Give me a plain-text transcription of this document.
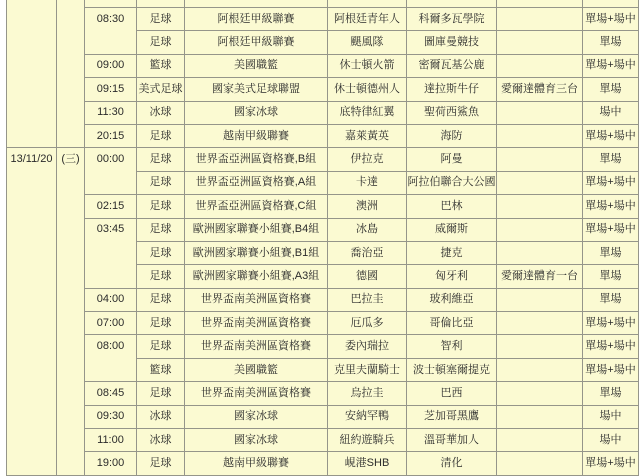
08:30	足球	阿根廷甲級聯賽	阿根廷青年人	科爾多瓦學院		單場+場中
			足球	阿根廷甲級聯賽	颶風隊	圖庫曼競技		單場
		09:00	籃球	美國職籃	休士頓火箭	密爾瓦基公鹿		單場+場中
		09:15	美式足球	國家美式足球聯盟	休士頓德州人	達拉斯牛仔	愛爾達體育三台	單場
		11:30	冰球	國家冰球	底特律紅翼	聖荷西鯊魚		場中
		20:15	足球	越南甲級聯賽	嘉萊黃英	海防		單場+場中

13/11/20	(三)	00:00	足球	世界盃亞洲區資格賽,B組	伊拉克	阿曼		單場
			足球	世界盃亞洲區資格賽,A組	卡達	阿拉伯聯合大公國		單場+場中
		02:15	足球	世界盃亞洲區資格賽,C組	澳洲	巴林		單場+場中

03:45	足球	歐洲國家聯賽小組賽,B4組	冰島	威爾斯		單場+場中
			足球	歐洲國家聯賽小組賽,B1組	喬治亞	捷克		單場
			足球	歐洲國家聯賽小組賽,A3組	德國	匈牙利	愛爾達體育一台	單場
		04:00	足球	世界盃南美洲區資格賽	巴拉圭	玻利維亞		單場
		07:00	足球	世界盃南美洲區資格賽	厄瓜多	哥倫比亞		單場+場中

08:00	足球	世界盃南美洲區資格賽	委內瑞拉	智利		單場+場中
			籃球	美國職籃	克里夫蘭騎士	波士頓塞爾提克		單場+場中
		08:45	足球	世界盃南美洲區資格賽	烏拉圭	巴西		單場
		09:30	冰球	國家冰球	安納罕鴨	芝加哥黑鷹		場中
		11:00	冰球	國家冰球	紐約遊騎兵	溫哥華加人		場中
		19:00	足球	越南甲級聯賽	峴港SHB	清化		單場+場中
